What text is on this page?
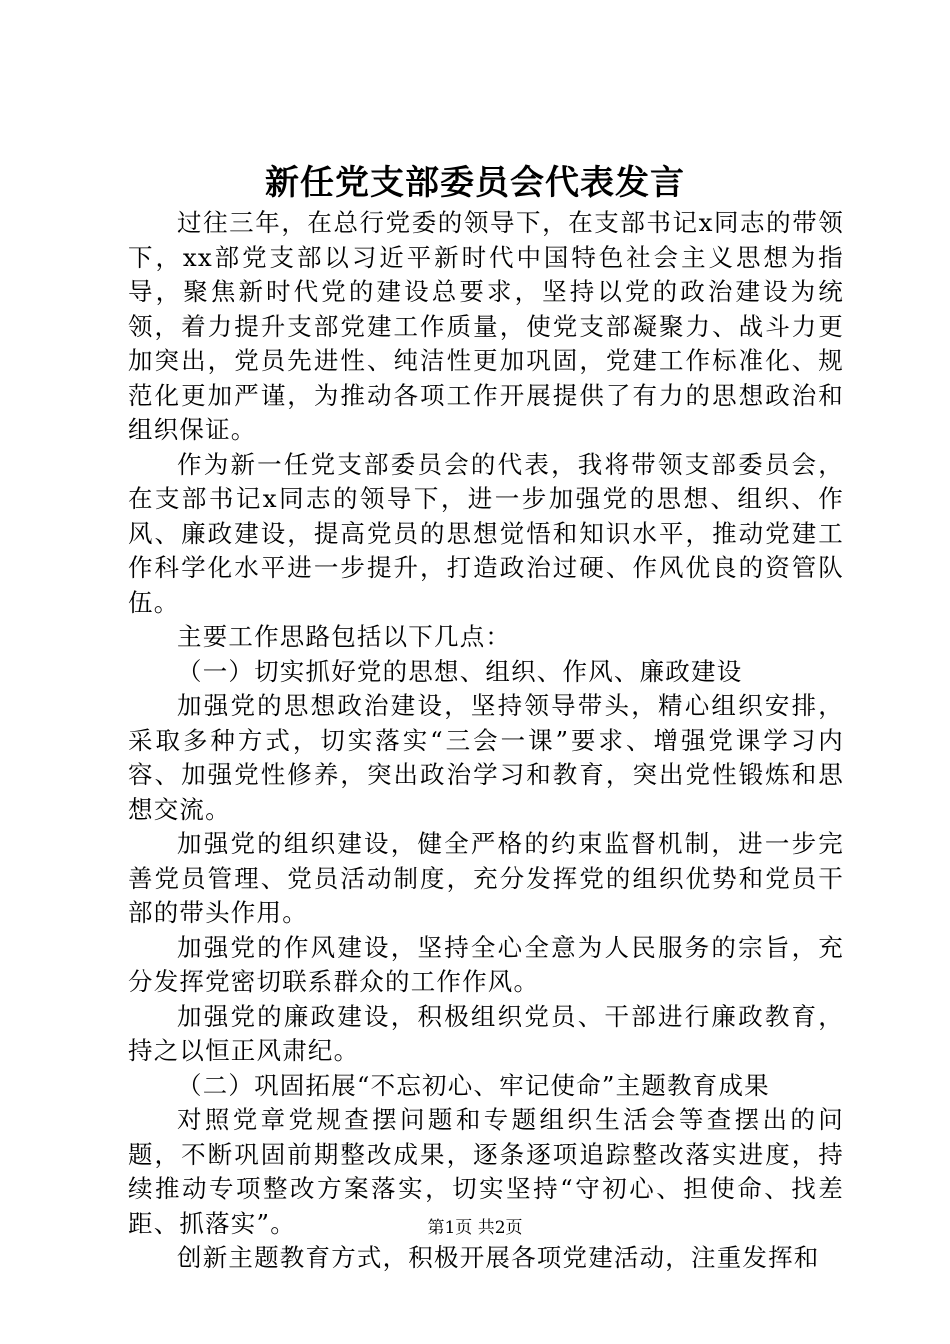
新任党支部委员会代表发言

过往三年，在总行党委的领导下，在支部书记x同志的带领下，xx部党支部以习近平新时代中国特色社会主义思想为指导，聚焦新时代党的建设总要求，坚持以党的政治建设为统领，着力提升支部党建工作质量，使党支部凝聚力、战斗力更加突出，党员先进性、纯洁性更加巩固，党建工作标准化、规范化更加严谨，为推动各项工作开展提供了有力的思想政治和组织保证。

作为新一任党支部委员会的代表，我将带领支部委员会，在支部书记x同志的领导下，进一步加强党的思想、组织、作风、廉政建设，提高党员的思想觉悟和知识水平，推动党建工作科学化水平进一步提升，打造政治过硬、作风优良的资管队伍。

主要工作思路包括以下几点：

（一）切实抓好党的思想、组织、作风、廉政建设

加强党的思想政治建设，坚持领导带头，精心组织安排，采取多种方式，切实落实“三会一课”要求、增强党课学习内容、加强党性修养，突出政治学习和教育，突出党性锻炼和思想交流。

加强党的组织建设，健全严格的约束监督机制，进一步完善党员管理、党员活动制度，充分发挥党的组织优势和党员干部的带头作用。

加强党的作风建设，坚持全心全意为人民服务的宗旨，充分发挥党密切联系群众的工作作风。

加强党的廉政建设，积极组织党员、干部进行廉政教育，持之以恒正风肃纪。

（二）巩固拓展“不忘初心、牢记使命”主题教育成果

对照党章党规查摆问题和专题组织生活会等查摆出的问题，不断巩固前期整改成果，逐条逐项追踪整改落实进度，持续推动专项整改方案落实，切实坚持“守初心、担使命、找差距、抓落实”。

创新主题教育方式，积极开展各项党建活动，注重发挥和

第1页 共2页
